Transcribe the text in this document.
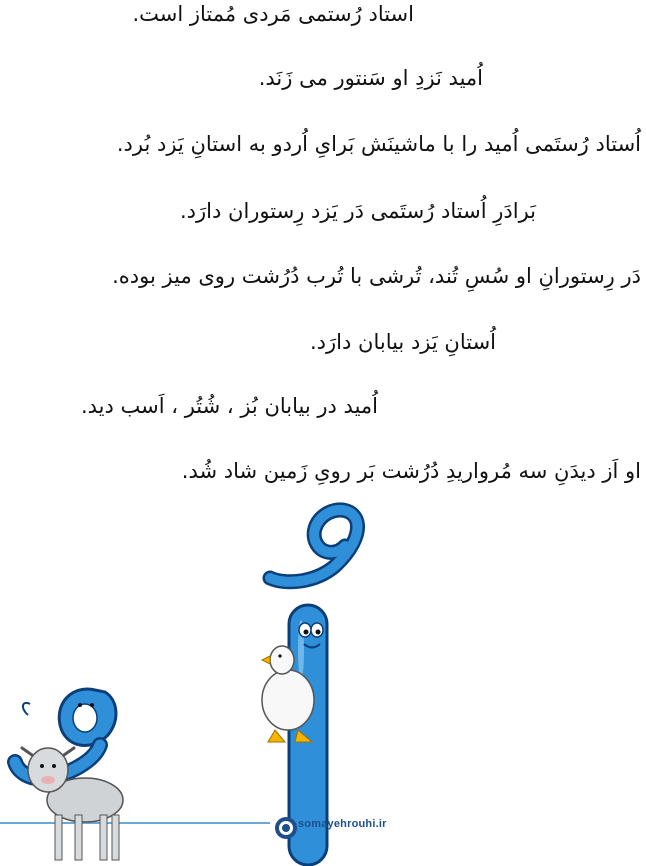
استاد رُستمی مَردی مُمتاز است.
اُمید نَزدِ او سَنتور می زَنَد.
اُستاد رُستَمی اُمید را با ماشینَش بَرایِ اُردو به استانِ یَزد بُرد.
بَرادَرِ اُستاد رُستَمی دَر یَزد رِستوران دارَد.
دَر رِستورانِ او سُسِ تُند، تُرشی با تُرب دُرُشت روی میز بوده.
اُستانِ یَزد بیابان دارَد.
اُمید در بیابان بُز ، شُتُر ، اَسب دید.
او اَز دیدَنِ سه مُرواریدِ دُرُشت بَر رویِ زَمین شاد شُد.
somayehrouhi.ir
